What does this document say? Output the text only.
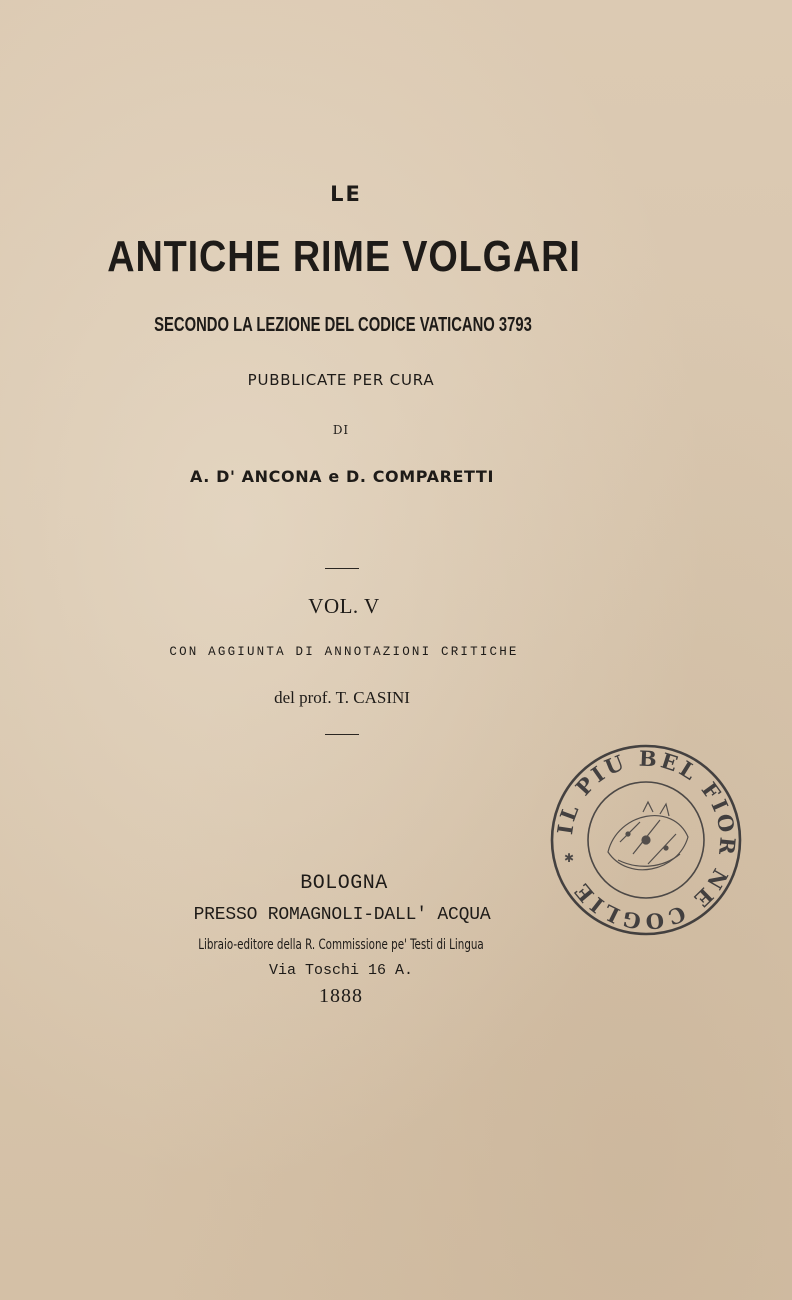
LE
ANTICHE RIME VOLGARI
SECONDO LA LEZIONE DEL CODICE VATICANO 3793
PUBBLICATE PER CURA
DI
A. D' ANCONA e D. COMPARETTI
VOL. V
CON AGGIUNTA DI ANNOTAZIONI CRITICHE
del prof. T. CASINI
IL PIU BEL FIOR NE COGLIE
✱
BOLOGNA
PRESSO ROMAGNOLI-DALL' ACQUA
Libraio-editore della R. Commissione pe' Testi di Lingua
Via Toschi 16 A.
1888
